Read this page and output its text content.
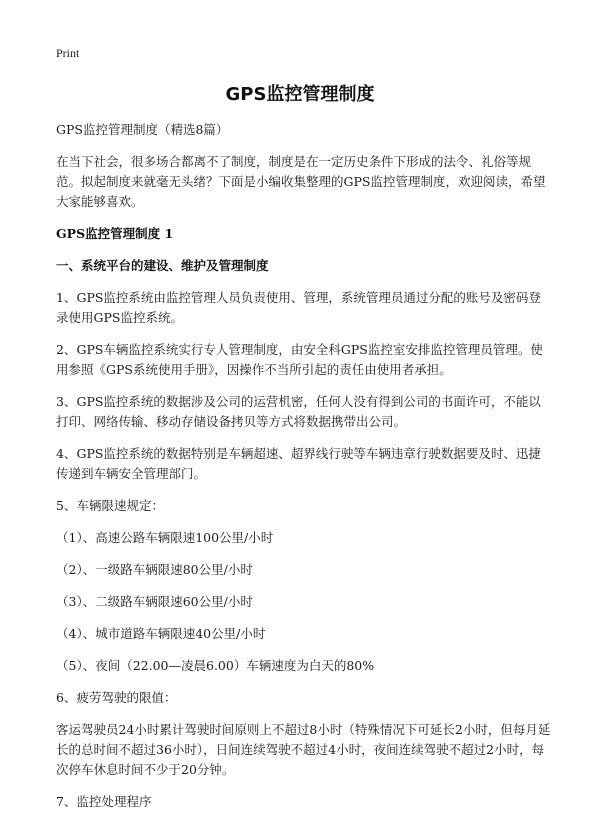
Print
GPS监控管理制度

GPS监控管理制度（精选8篇）

在当下社会，很多场合都离不了制度，制度是在一定历史条件下形成的法令、礼俗等规范。拟起制度来就毫无头绪？下面是小编收集整理的GPS监控管理制度，欢迎阅读，希望大家能够喜欢。

GPS监控管理制度 1

一、系统平台的建设、维护及管理制度

1、GPS监控系统由监控管理人员负责使用、管理，系统管理员通过分配的账号及密码登录使用GPS监控系统。

2、GPS车辆监控系统实行专人管理制度，由安全科GPS监控室安排监控管理员管理。使用参照《GPS系统使用手册》，因操作不当所引起的责任由使用者承担。

3、GPS监控系统的数据涉及公司的运营机密，任何人没有得到公司的书面许可，不能以打印、网络传输、移动存储设备拷贝等方式将数据携带出公司。

4、GPS监控系统的数据特别是车辆超速、超界线行驶等车辆违章行驶数据要及时、迅捷传递到车辆安全管理部门。

5、车辆限速规定：

（1）、高速公路车辆限速100公里/小时

（2）、一级路车辆限速80公里/小时

（3）、二级路车辆限速60公里/小时

（4）、城市道路车辆限速40公里/小时

（5）、夜间（22.00—凌晨6.00）车辆速度为白天的80%

6、疲劳驾驶的限值：

客运驾驶员24小时累计驾驶时间原则上不超过8小时（特殊情况下可延长2小时，但每月延长的总时间不超过36小时），日间连续驾驶不超过4小时，夜间连续驾驶不超过2小时，每次停车休息时间不少于20分钟。

7、监控处理程序
